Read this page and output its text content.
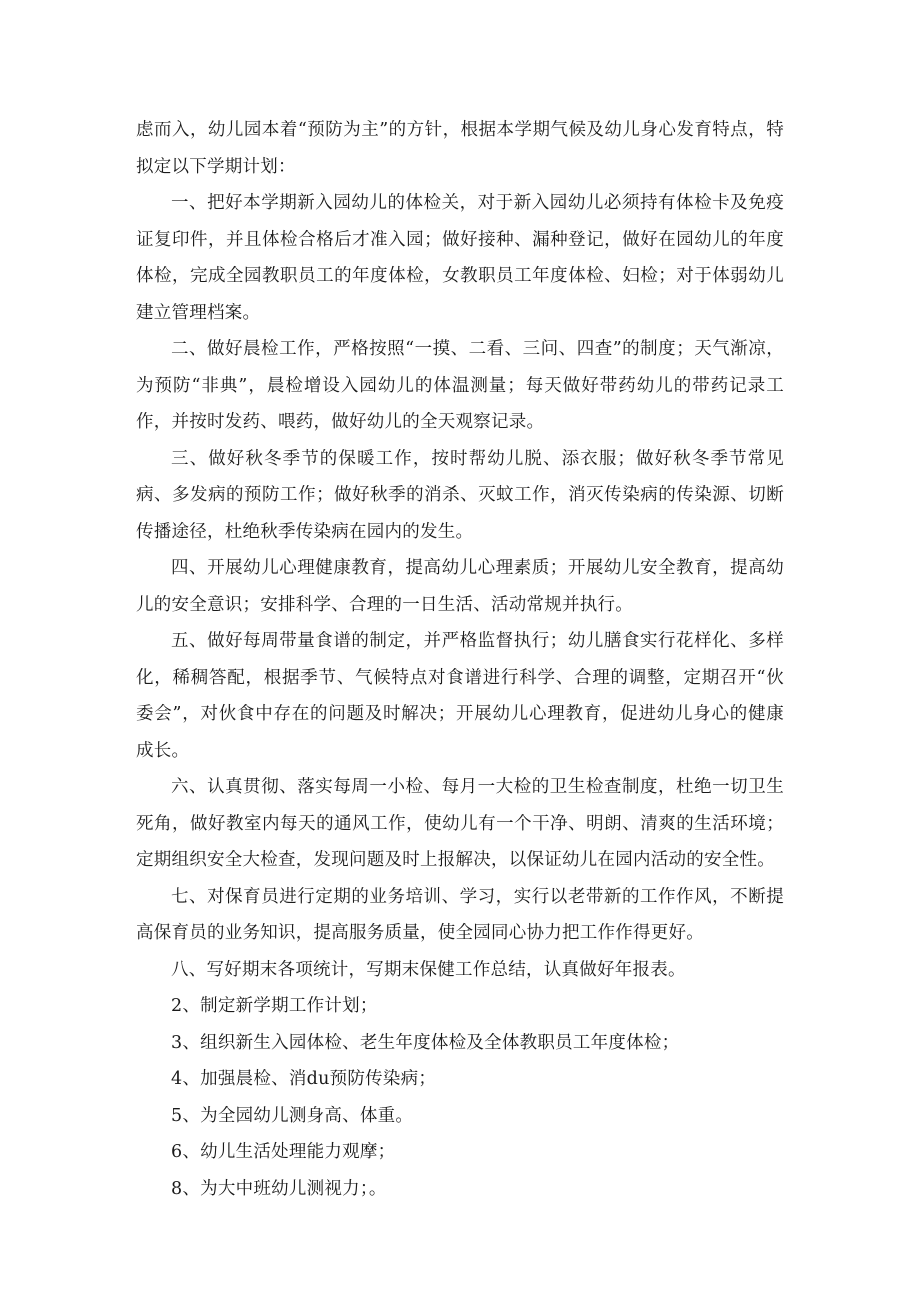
虑而入，幼儿园本着“预防为主”的方针，根据本学期气候及幼儿身心发育特点，特拟定以下学期计划：

一、把好本学期新入园幼儿的体检关，对于新入园幼儿必须持有体检卡及免疫证复印件，并且体检合格后才准入园；做好接种、漏种登记，做好在园幼儿的年度体检，完成全园教职员工的年度体检，女教职员工年度体检、妇检；对于体弱幼儿建立管理档案。

二、做好晨检工作，严格按照“一摸、二看、三问、四查”的制度；天气渐凉，为预防“非典”，晨检增设入园幼儿的体温测量；每天做好带药幼儿的带药记录工作，并按时发药、喂药，做好幼儿的全天观察记录。

三、做好秋冬季节的保暖工作，按时帮幼儿脱、添衣服；做好秋冬季节常见病、多发病的预防工作；做好秋季的消杀、灭蚊工作，消灭传染病的传染源、切断传播途径，杜绝秋季传染病在园内的发生。

四、开展幼儿心理健康教育，提高幼儿心理素质；开展幼儿安全教育，提高幼儿的安全意识；安排科学、合理的一日生活、活动常规并执行。

五、做好每周带量食谱的制定，并严格监督执行；幼儿膳食实行花样化、多样化，稀稠答配，根据季节、气候特点对食谱进行科学、合理的调整，定期召开“伙委会”，对伙食中存在的问题及时解决；开展幼儿心理教育，促进幼儿身心的健康成长。

六、认真贯彻、落实每周一小检、每月一大检的卫生检查制度，杜绝一切卫生死角，做好教室内每天的通风工作，使幼儿有一个干净、明朗、清爽的生活环境；定期组织安全大检查，发现问题及时上报解决，以保证幼儿在园内活动的安全性。

七、对保育员进行定期的业务培训、学习，实行以老带新的工作作风，不断提高保育员的业务知识，提高服务质量，使全园同心协力把工作作得更好。

八、写好期末各项统计，写期末保健工作总结，认真做好年报表。

2、制定新学期工作计划；

3、组织新生入园体检、老生年度体检及全体教职员工年度体检；

4、加强晨检、消du预防传染病；

5、为全园幼儿测身高、体重。

6、幼儿生活处理能力观摩；

8、为大中班幼儿测视力；。
